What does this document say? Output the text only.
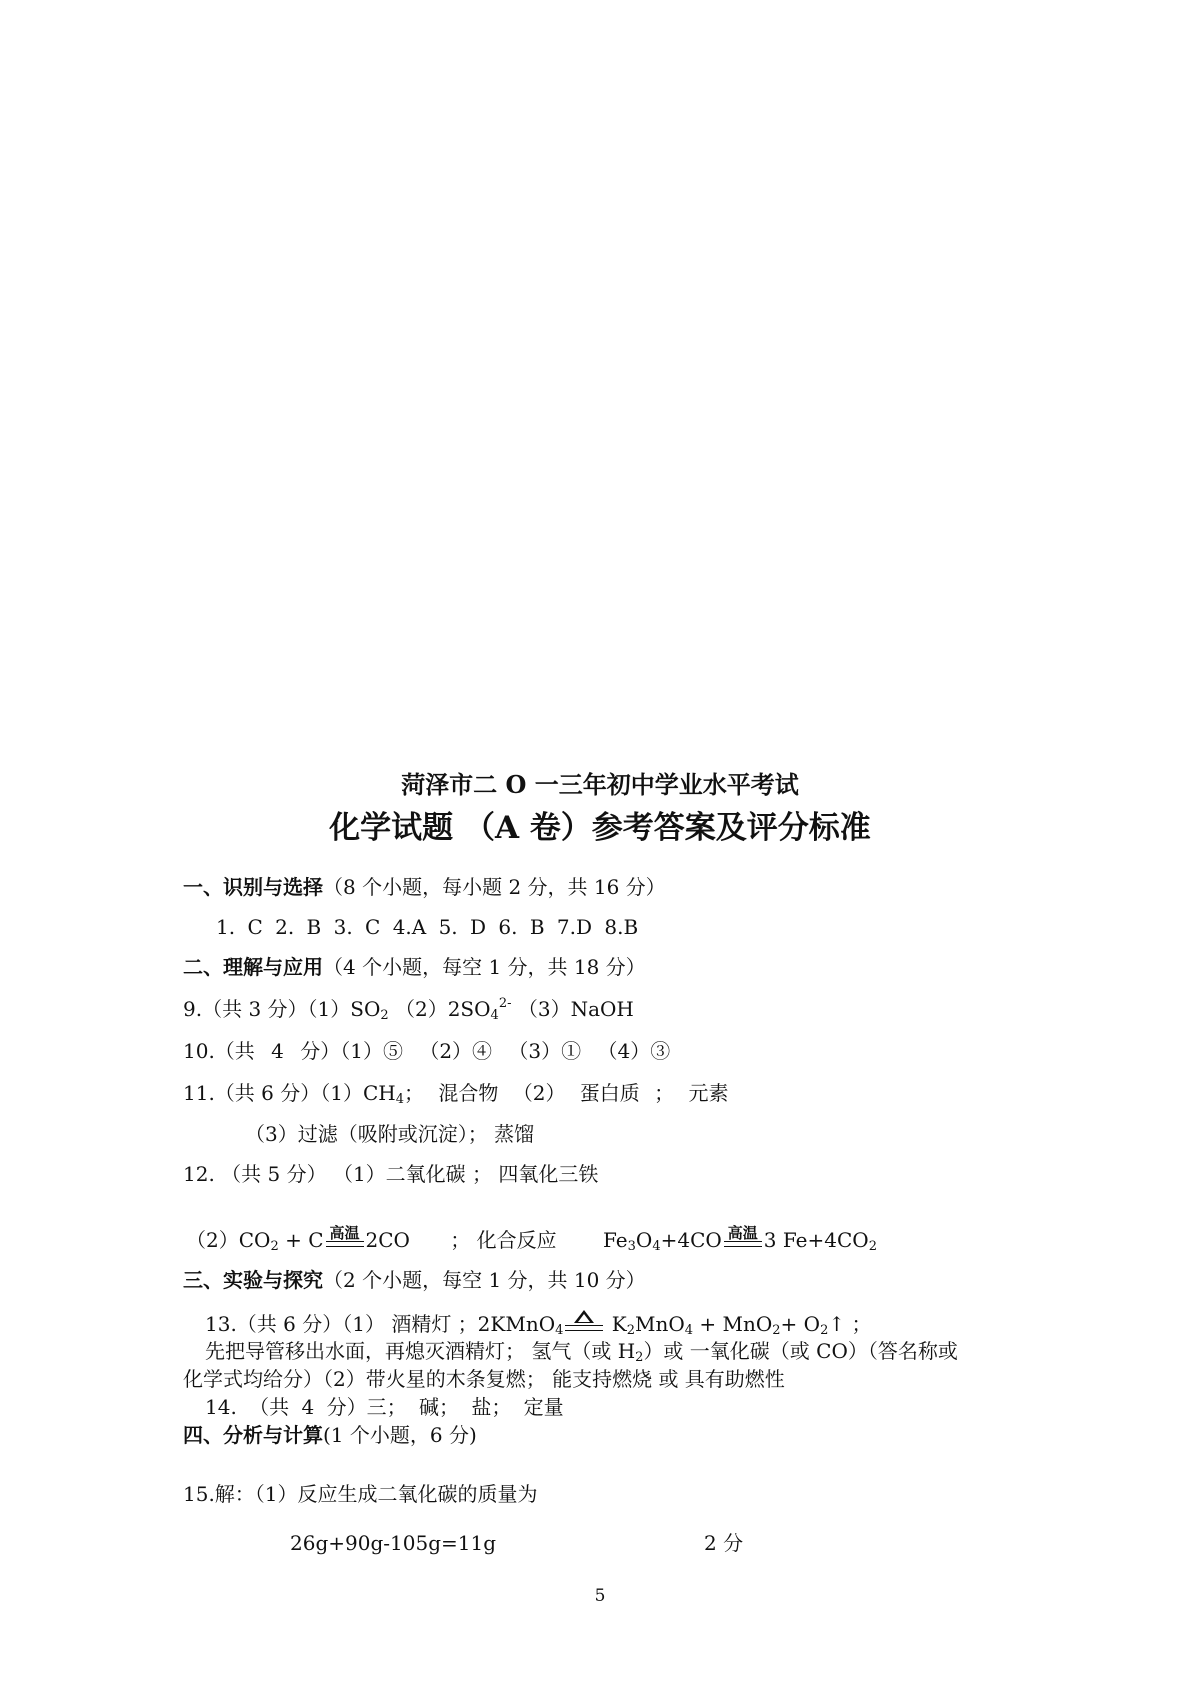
菏泽市二 O 一三年初中学业水平考试
化学试题 （A 卷）参考答案及评分标准
一、识别与选择（8 个小题，每小题 2 分，共 16 分）
1. C 2. B 3. C 4.A 5. D 6. B 7.D 8.B
二、理解与应用（4 个小题，每空 1 分，共 18 分）
9.（共 3 分）$(1)SO_2$ $(2)2SO_4^{2-}$ （3）NaOH
10.（共 4 分）（1）⑤ （2）④ （3）① （4）③
11.（共 6 分）$(1)CH_4$； 混合物 （2） 蛋白质 ； 元素
（3）过滤（吸附或沉淀）； 蒸馏
12. （共 5 分） （1）二氧化碳 ； 四氧化三铁
$(2)CO_2 + C$ 高温 2CO ； 化合反应 $Fe_3O_4+4CO$ 高温 3 $Fe+4CO_2$
三、实验与探究（2 个小题，每空 1 分，共 10 分）
13.（共 6 分）（1） 酒精灯 ；2KMnO$_4$
$K_2MnO_4 + MnO_2+$ $O_2↑$ ；
先把导管移出水面，再熄灭酒精灯； 氢气（或 $H_2$）或 一氧化碳（或 CO）（答名称或
化学式均给分）（2）带火星的木条复燃； 能支持燃烧 或 具有助燃性
14. （共 4 分）三； 碱； 盐； 定量
四、分析与计算(1 个小题，6 分)
15.解：（1）反应生成二氧化碳的质量为
26g+90g-105g=11g	2 分
5
